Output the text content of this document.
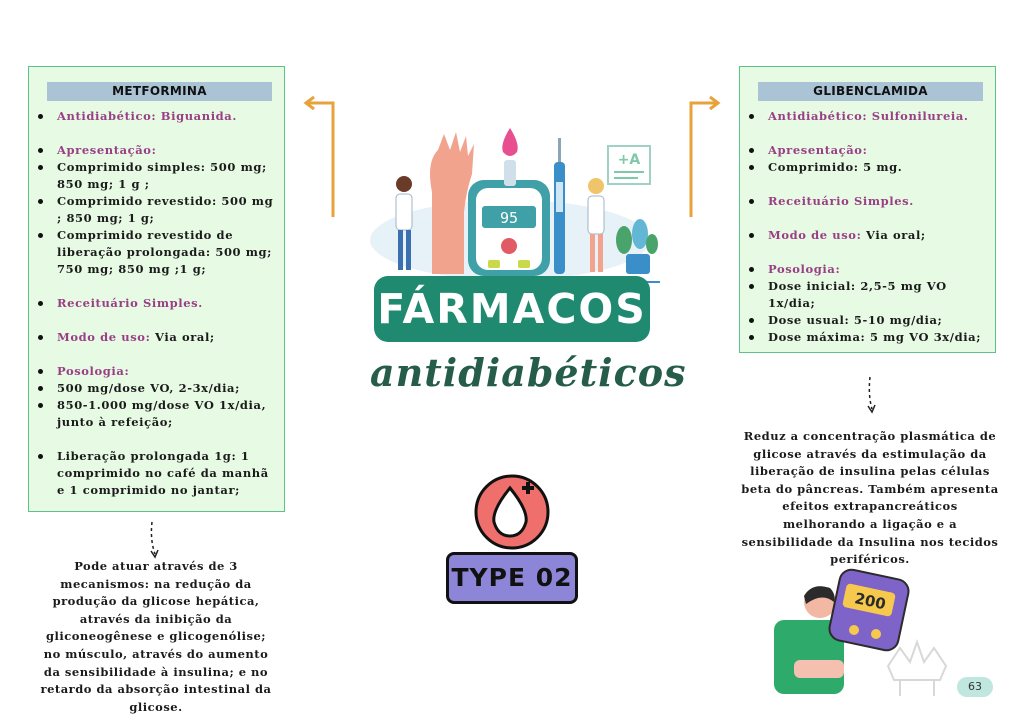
METFORMINA
Antidiabético: Biguanida.
Apresentação:
Comprimido simples: 500 mg; 850 mg; 1 g ;
Comprimido revestido: 500 mg ; 850 mg; 1 g;
Comprimido revestido de liberação prolongada: 500 mg; 750 mg; 850 mg ;1 g;
Receituário Simples.
Modo de uso: Via oral;
Posologia:
500 mg/dose VO, 2-3x/dia;
850-1.000 mg/dose VO 1x/dia, junto à refeição;
Liberação prolongada 1g: 1 comprimido no café da manhã e 1 comprimido no jantar;
GLIBENCLAMIDA
Antidiabético: Sulfonilureia.
Apresentação:
Comprimido: 5 mg.
Receituário Simples.
Modo de uso: Via oral;
Posologia:
Dose inicial: 2,5-5 mg VO 1x/dia;
Dose usual: 5-10 mg/dia;
Dose máxima: 5 mg VO 3x/dia;
Pode atuar através de 3 mecanismos: na redução da produção da glicose hepática, através da inibição da gliconeogênese e glicogenólise; no músculo, através do aumento da sensibilidade à insulina; e no retardo da absorção intestinal da glicose.
Reduz a concentração plasmática de glicose através da estimulação da liberação de insulina pelas células beta do pâncreas. Também apresenta efeitos extrapancreáticos melhorando a ligação e a sensibilidade da Insulina nos tecidos periféricos.
95
+A
FÁRMACOS
antidiabéticos
TYPE 02
200
63
